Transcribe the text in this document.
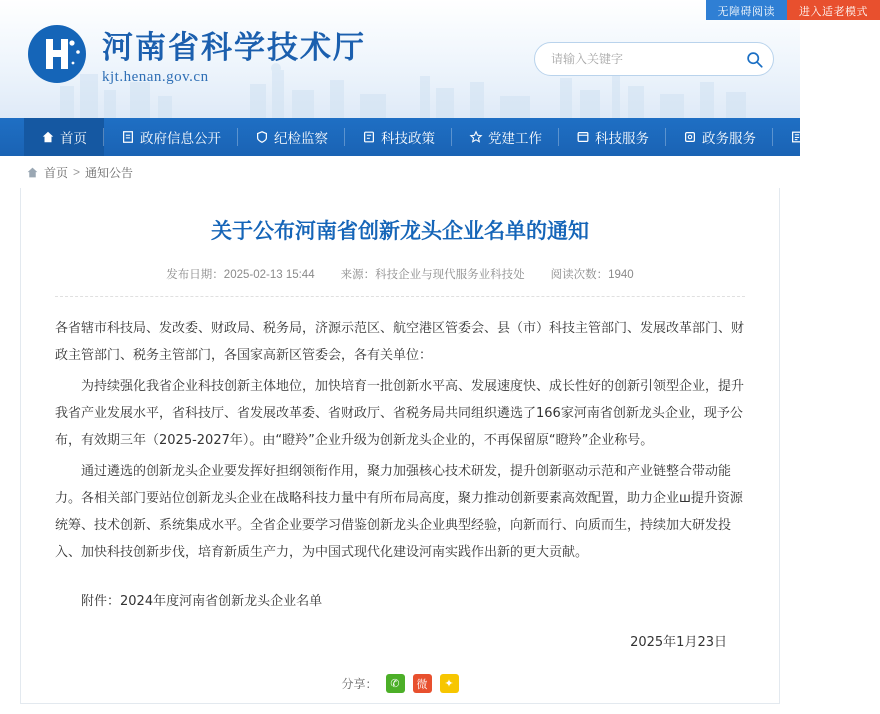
无障碍阅读	进入适老模式
河南省科学技术厅
kjt.henan.gov.cn
请输入关键字
首页	政府信息公开	纪检监察	科技政策	党建工作	科技服务	政务服务	科技专题
首页 > 通知公告
关于公布河南省创新龙头企业名单的通知
发布日期：2025-02-13 15:44 来源：科技企业与现代服务业科技处 阅读次数：1940

各省辖市科技局、发改委、财政局、税务局，济源示范区、航空港区管委会、县（市）科技主管部门、发展改革部门、财政主管部门、税务主管部门，各国家高新区管委会，各有关单位：

为持续强化我省企业科技创新主体地位，加快培育一批创新水平高、发展速度快、成长性好的创新引领型企业，提升我省产业发展水平，省科技厅、省发展改革委、省财政厅、省税务局共同组织遴选了166家河南省创新龙头企业，现予公布，有效期三年（2025-2027年）。由“瞪羚”企业升级为创新龙头企业的，不再保留原“瞪羚”企业称号。

通过遴选的创新龙头企业要发挥好担纲领衔作用，聚力加强核心技术研发，提升创新驱动示范和产业链整合带动能力。各相关部门要站位创新龙头企业在战略科技力量中有所布局高度，聚力推动创新要素高效配置，助力企业ш提升资源统筹、技术创新、系统集成水平。全省企业要学习借鉴创新龙头企业典型经验，向新而行、向质而生，持续加大研发投入、加快科技创新步伐，培育新质生产力，为中国式现代化建设河南实践作出新的更大贡献。

附件：2024年度河南省创新龙头企业名单
2025年1月23日
分享：	✆	微	✦
